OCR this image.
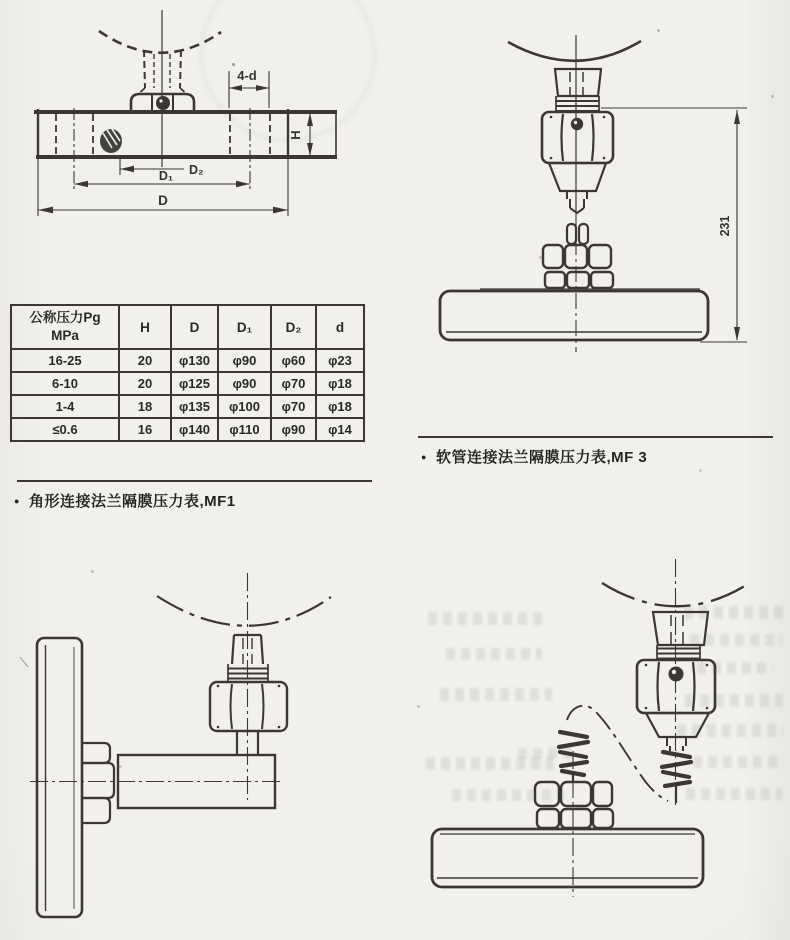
4-d
H
D₂
D₁
D
231
公称压力Pg
MPa	H	D	D₁	D₂	d
16-25	20	φ130	φ90	φ60	φ23
6-10	20	φ125	φ90	φ70	φ18
1-4	18	φ135	φ100	φ70	φ18
≤0.6	16	φ140	φ110	φ90	φ14
● 软管连接法兰隔膜压力表,MF 3
● 角形连接法兰隔膜压力表,MF1
